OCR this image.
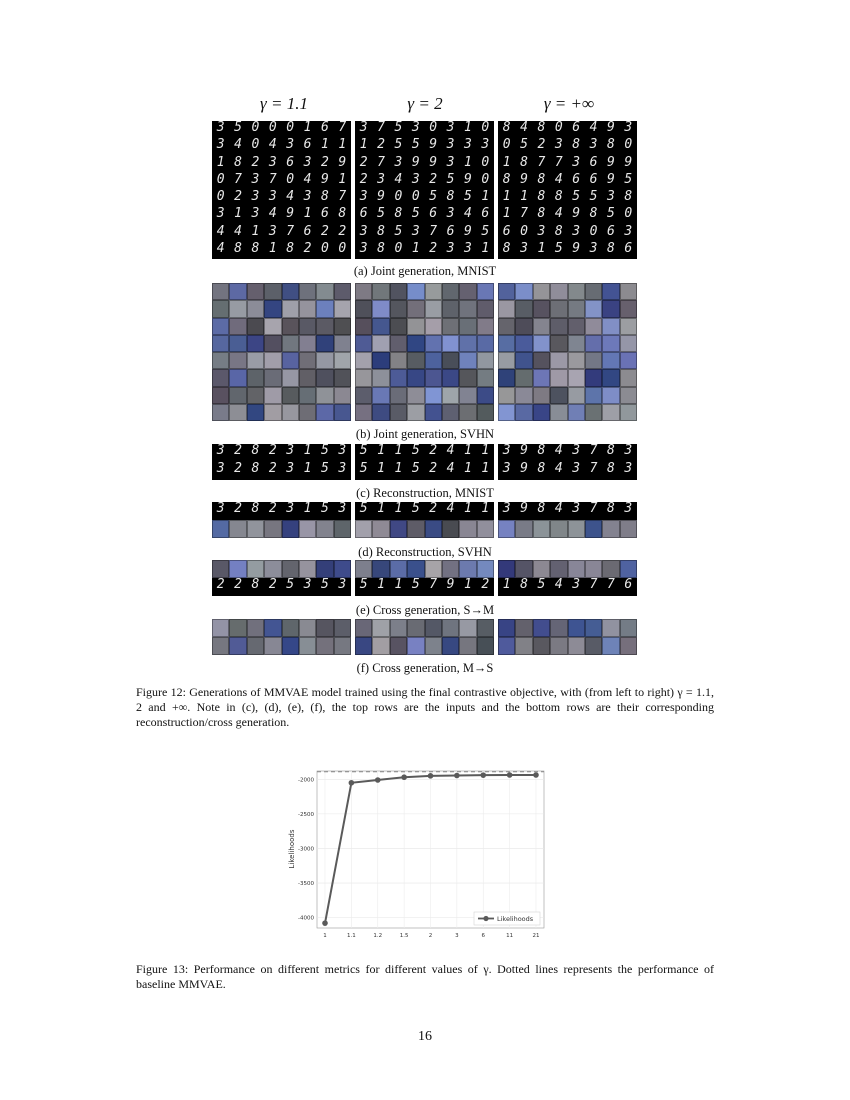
γ = 1.1	γ = 2	γ = +∞
3 5 0 0 0 1 6 7
3 4 0 4 3 6 1 1
1 8 2 3 6 3 2 9
0 7 3 7 0 4 9 1
0 2 3 3 4 3 8 7
3 1 3 4 9 1 6 8
4 4 1 3 7 6 2 2
4 8 8 1 8 2 0 0
3 7 5 3 0 3 1 0
1 2 5 5 9 3 3 3
2 7 3 9 9 3 1 0
2 3 4 3 2 5 9 0
3 9 0 0 5 8 5 1
6 5 8 5 6 3 4 6
3 8 5 3 7 6 9 5
3 8 0 1 2 3 3 1
8 4 8 0 6 4 9 3
0 5 2 3 8 3 8 0
1 8 7 7 3 6 9 9
8 9 8 4 6 6 9 5
1 1 8 8 5 5 3 8
1 7 8 4 9 8 5 0
6 0 3 8 3 0 6 3
8 3 1 5 9 3 8 6
(a) Joint generation, MNIST
(b) Joint generation, SVHN
3 2 8 2 3 1 5 3
3 2 8 2 3 1 5 3
5 1 1 5 2 4 1 1
5 1 1 5 2 4 1 1
3 9 8 4 3 7 8 3
3 9 8 4 3 7 8 3
(c) Reconstruction, MNIST
3 2 8 2 3 1 5 3	5 1 1 5 2 4 1 1	3 9 8 4 3 7 8 3
(d) Reconstruction, SVHN
2 2 8 2 5 3 5 3	5 1 1 5 7 9 1 2	1 8 5 4 3 7 7 6
(e) Cross generation, S→M
(f) Cross generation, M→S
Figure 12: Generations of MMVAE model trained using the final contrastive objective, with (from left to right) γ = 1.1, 2 and +∞. Note in (c), (d), (e), (f), the top rows are the inputs and the bottom rows are their corresponding reconstruction/cross generation.
-2000
-2500
-3000
-3500
-4000
1	1.1	1.2	1.5	2	3	6	11	21
Likelihoods
Likelihoods
Figure 13: Performance on different metrics for different values of γ. Dotted lines represents the performance of baseline MMVAE.
16
